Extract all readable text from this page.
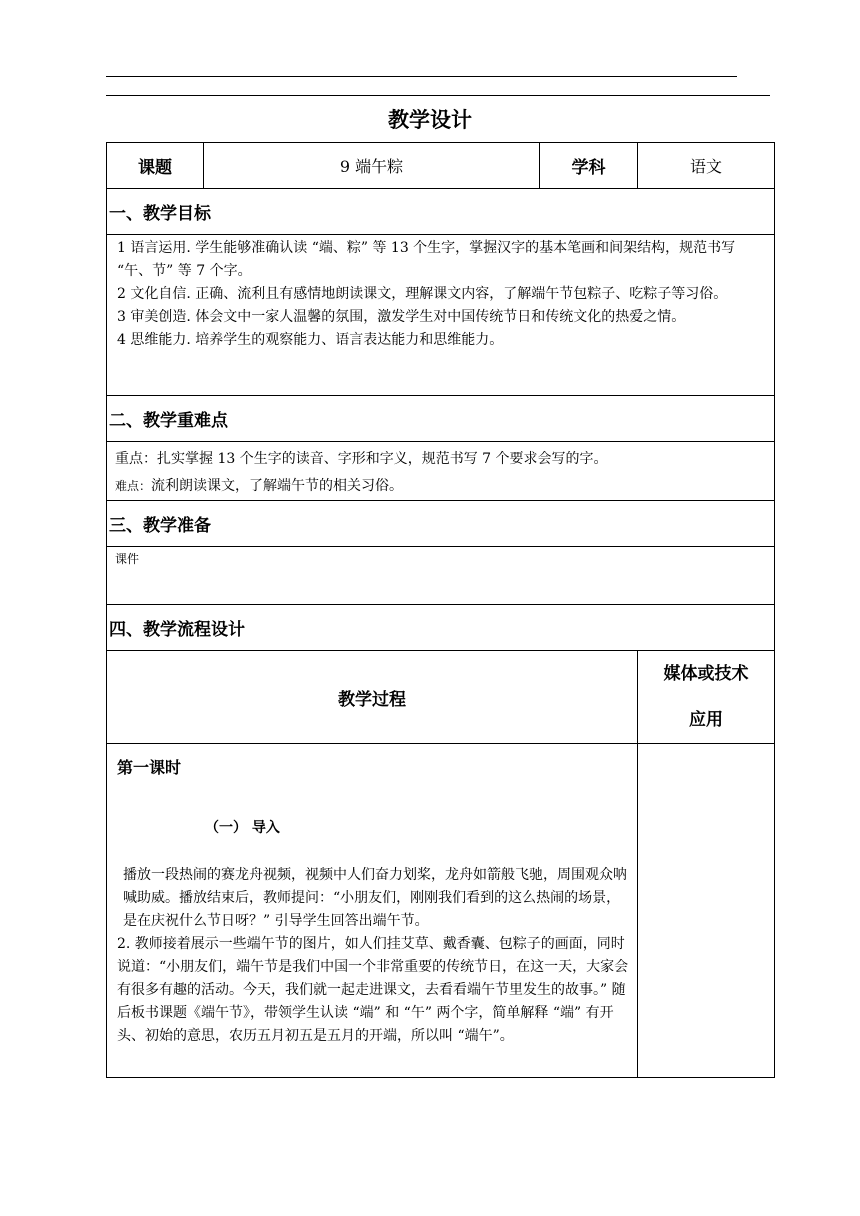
教学设计
课题	9 端午粽	学科	语文
一、教学目标			

1 语言运用. 学生能够准确认读 “端、粽” 等 13 个生字，掌握汉字的基本笔画和间架结构，规范书写 “午、节” 等 7 个字。

2 文化自信. 正确、流利且有感情地朗读课文，理解课文内容，了解端午节包粽子、吃粽子等习俗。

3 审美创造. 体会文中一家人温馨的氛围，激发学生对中国传统节日和传统文化的热爱之情。

4 思维能力. 培养学生的观察能力、语言表达能力和思维能力。			

二、教学重难点			

重点：扎实掌握 13 个生字的读音、字形和字义，规范书写 7 个要求会写的字。

难点：流利朗读课文，了解端午节的相关习俗。			

三、教学准备			
课件			
四、教学流程设计			
教学过程			媒体或技术
应用

第一课时
（一） 导入

播放一段热闹的赛龙舟视频，视频中人们奋力划桨，龙舟如箭般飞驰，周围观众呐喊助威。播放结束后，教师提问：“小朋友们，刚刚我们看到的这么热闹的场景，是在庆祝什么节日呀？” 引导学生回答出端午节。

2. 教师接着展示一些端午节的图片，如人们挂艾草、戴香囊、包粽子的画面，同时说道：“小朋友们，端午节是我们中国一个非常重要的传统节日，在这一天，大家会有很多有趣的活动。今天，我们就一起走进课文，去看看端午节里发生的故事。” 随后板书课题《端午节》，带领学生认读 “端” 和 “午” 两个字，简单解释 “端” 有开头、初始的意思，农历五月初五是五月的开端，所以叫 “端午”。			
